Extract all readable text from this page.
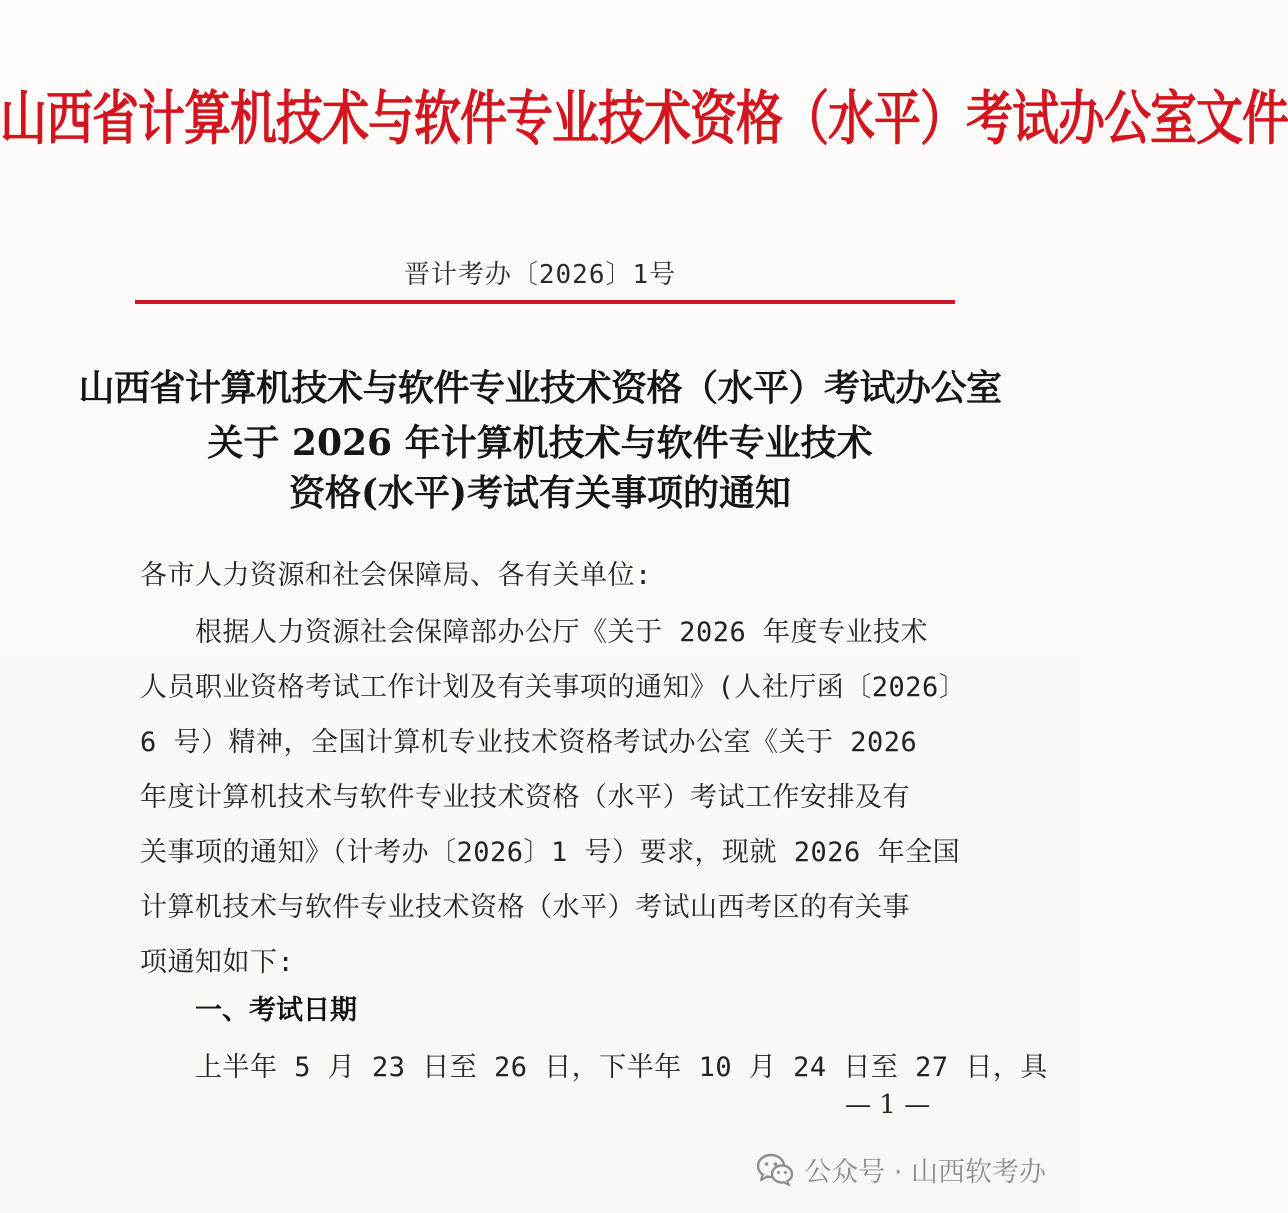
山西省计算机技术与软件专业技术资格（水平）考试办公室文件
晋计考办〔2026〕1号
山西省计算机技术与软件专业技术资格（水平）考试办公室
关于 2026 年计算机技术与软件专业技术
资格(水平)考试有关事项的通知
各市人力资源和社会保障局、各有关单位:
根据人力资源社会保障部办公厅《关于 2026 年度专业技术
人员职业资格考试工作计划及有关事项的通知》(人社厅函〔2026〕
6 号）精神，全国计算机专业技术资格考试办公室《关于 2026
年度计算机技术与软件专业技术资格（水平）考试工作安排及有
关事项的通知》（计考办〔2026〕1 号）要求，现就 2026 年全国
计算机技术与软件专业技术资格（水平）考试山西考区的有关事
项通知如下:
一、考试日期
上半年 5 月 23 日至 26 日，下半年 10 月 24 日至 27 日，具
— 1 —
公众号 · 山西软考办
